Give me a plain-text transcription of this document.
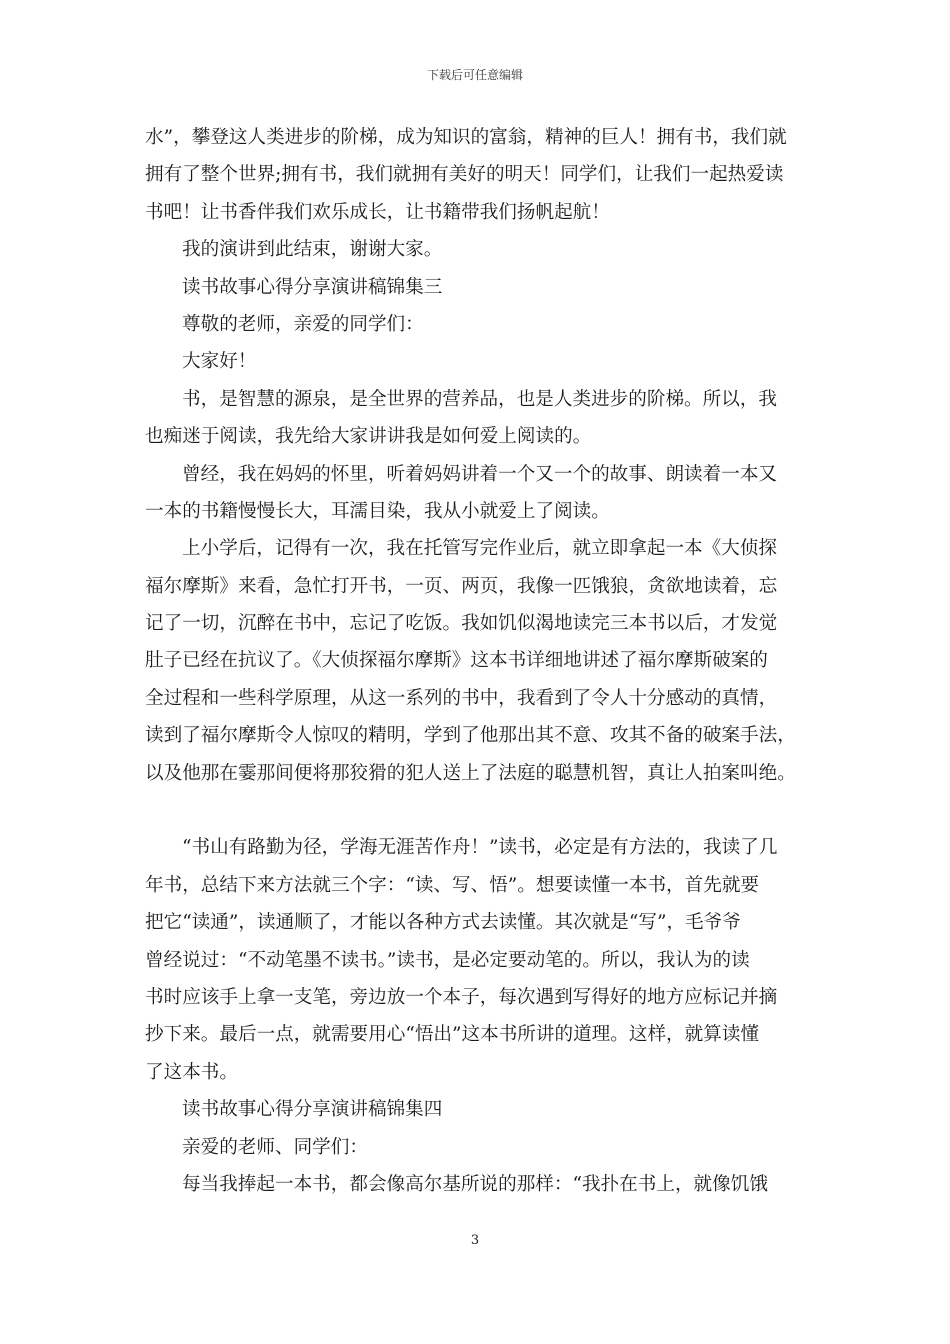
下载后可任意编辑
水”，攀登这人类进步的阶梯，成为知识的富翁，精神的巨人！拥有书，我们就
拥有了整个世界;拥有书，我们就拥有美好的明天！同学们，让我们一起热爱读
书吧！让书香伴我们欢乐成长，让书籍带我们扬帆起航！
我的演讲到此结束，谢谢大家。
读书故事心得分享演讲稿锦集三
尊敬的老师，亲爱的同学们：
大家好！
书，是智慧的源泉，是全世界的营养品，也是人类进步的阶梯。所以，我
也痴迷于阅读，我先给大家讲讲我是如何爱上阅读的。
曾经，我在妈妈的怀里，听着妈妈讲着一个又一个的故事、朗读着一本又
一本的书籍慢慢长大，耳濡目染，我从小就爱上了阅读。
上小学后，记得有一次，我在托管写完作业后，就立即拿起一本《大侦探
福尔摩斯》来看，急忙打开书，一页、两页，我像一匹饿狼，贪欲地读着，忘
记了一切，沉醉在书中，忘记了吃饭。我如饥似渴地读完三本书以后，才发觉
肚子已经在抗议了。《大侦探福尔摩斯》这本书详细地讲述了福尔摩斯破案的
全过程和一些科学原理，从这一系列的书中，我看到了令人十分感动的真情，
读到了福尔摩斯令人惊叹的精明，学到了他那出其不意、攻其不备的破案手法，
以及他那在霎那间便将那狡猾的犯人送上了法庭的聪慧机智，真让人拍案叫绝。
“书山有路勤为径，学海无涯苦作舟！”读书，必定是有方法的，我读了几
年书，总结下来方法就三个字：“读、写、悟”。想要读懂一本书，首先就要
把它“读通”，读通顺了，才能以各种方式去读懂。其次就是“写”，毛爷爷
曾经说过：“不动笔墨不读书。”读书，是必定要动笔的。所以，我认为的读
书时应该手上拿一支笔，旁边放一个本子，每次遇到写得好的地方应标记并摘
抄下来。最后一点，就需要用心“悟出”这本书所讲的道理。这样，就算读懂
了这本书。
读书故事心得分享演讲稿锦集四
亲爱的老师、同学们：
每当我捧起一本书，都会像高尔基所说的那样：“我扑在书上，就像饥饿
3
